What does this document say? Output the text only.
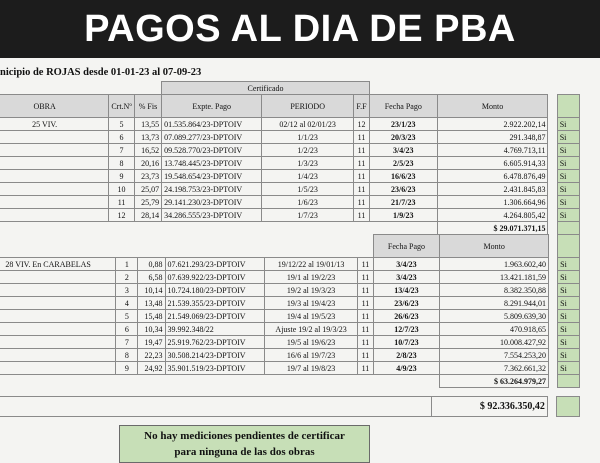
PAGOS AL DIA DE PBA
nicipio de ROJAS desde 01-01-23 al 07-09-23
			Certificado						
OBRA	Crt.Nº	% Fis	Expte. Pago	PERIODO	F.F	Fecha Pago	Monto		
25 VIV.	5	13,55	01.535.864/23-DPTOIV	02/12 al 02/01/23	12	23/1/23	2.922.202,14		Si
	6	13,73	07.089.277/23-DPTOIV	1/1/23	11	20/3/23	291.348,87		Si
	7	16,52	09.528.770/23-DPTOIV	1/2/23	11	3/4/23	4.769.713,11		Si
	8	20,16	13.748.445/23-DPTOIV	1/3/23	11	2/5/23	6.605.914,33		Si
	9	23,73	19.548.654/23-DPTOIV	1/4/23	11	16/6/23	6.478.876,49		Si
	10	25,07	24.198.753/23-DPTOIV	1/5/23	11	23/6/23	2.431.845,83		Si
	11	25,79	29.141.230/23-DPTOIV	1/6/23	11	21/7/23	1.306.664,96		Si
	12	28,14	34.286.555/23-DPTOIV	1/7/23	11	1/9/23	4.264.805,42		Si
							$ 29.071.371,15		
						Fecha Pago	Monto		
28 VIV. En CARABELAS	1	0,88	07.621.293/23-DPTOIV	19/12/22 al 19/01/13	11	3/4/23	1.963.602,40		Si
	2	6,58	07.639.922/23-DPTOIV	19/1 al 19/2/23	11	3/4/23	13.421.181,59		Si
	3	10,14	10.724.180/23-DPTOIV	19/2 al 19/3/23	11	13/4/23	8.382.350,88		Si
	4	13,48	21.539.355/23-DPTOIV	19/3 al 19/4/23	11	23/6/23	8.291.944,01		Si
	5	15,48	21.549.069/23-DPTOIV	19/4 al 19/5/23	11	26/6/23	5.809.639,30		Si
	6	10,34	39.992.348/22	Ajuste 19/2 al 19/3/23	11	12/7/23	470.918,65		Si
	7	19,47	25.919.762/23-DPTOIV	19/5 al 19/6/23	11	10/7/23	10.008.427,92		Si
	8	22,23	30.508.214/23-DPTOIV	16/6 al 19/7/23	11	2/8/23	7.554.253,20		Si
	9	24,92	35.901.519/23-DPTOIV	19/7 al 19/8/23	11	4/9/23	7.362.661,32		Si
							$ 63.264.979,27		
							$ 92.336.350,42		
No hay mediciones pendientes de certificar
para ninguna de las dos obras
